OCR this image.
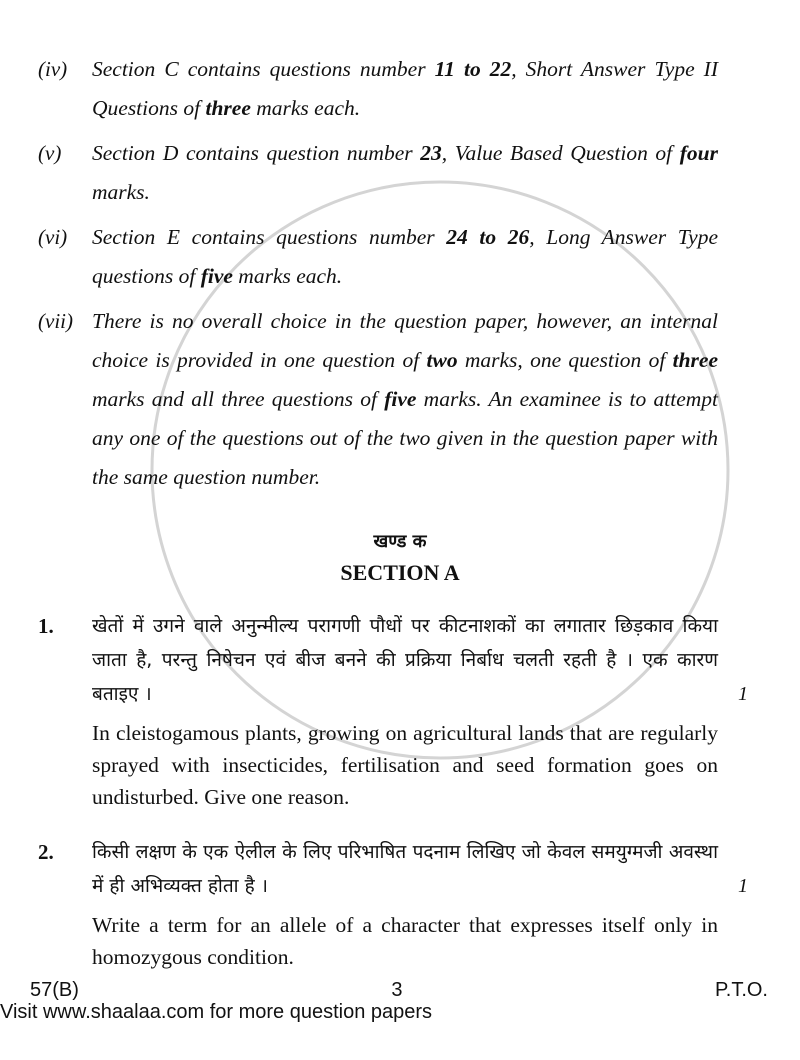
(iv)	Section C contains questions number 11 to 22, Short Answer Type II Questions of three marks each.
(v)	Section D contains question number 23, Value Based Question of four marks.
(vi)	Section E contains questions number 24 to 26, Long Answer Type questions of five marks each.
(vii) There is no overall choice in the question paper, however, an internal choice is provided in one question of two marks, one question of three marks and all three questions of five marks. An examinee is to attempt any one of the questions out of the two given in the question paper with the same question number.
खण्ड क
SECTION A
1.	खेतों में उगने वाले अनुन्मील्य परागणी पौधों पर कीटनाशकों का लगातार छिड़काव किया जाता है, परन्तु निषेचन एवं बीज बनने की प्रक्रिया निर्बाध चलती रहती है । एक कारण बताइए ।	1
In cleistogamous plants, growing on agricultural lands that are regularly sprayed with insecticides, fertilisation and seed formation goes on undisturbed. Give one reason.
2.	किसी लक्षण के एक ऐलील के लिए परिभाषित पदनाम लिखिए जो केवल समयुग्मजी अवस्था में ही अभिव्यक्त होता है ।	1
Write a term for an allele of a character that expresses itself only in homozygous condition.
57(B)	3	P.T.O.
Visit www.shaalaa.com for more question papers
